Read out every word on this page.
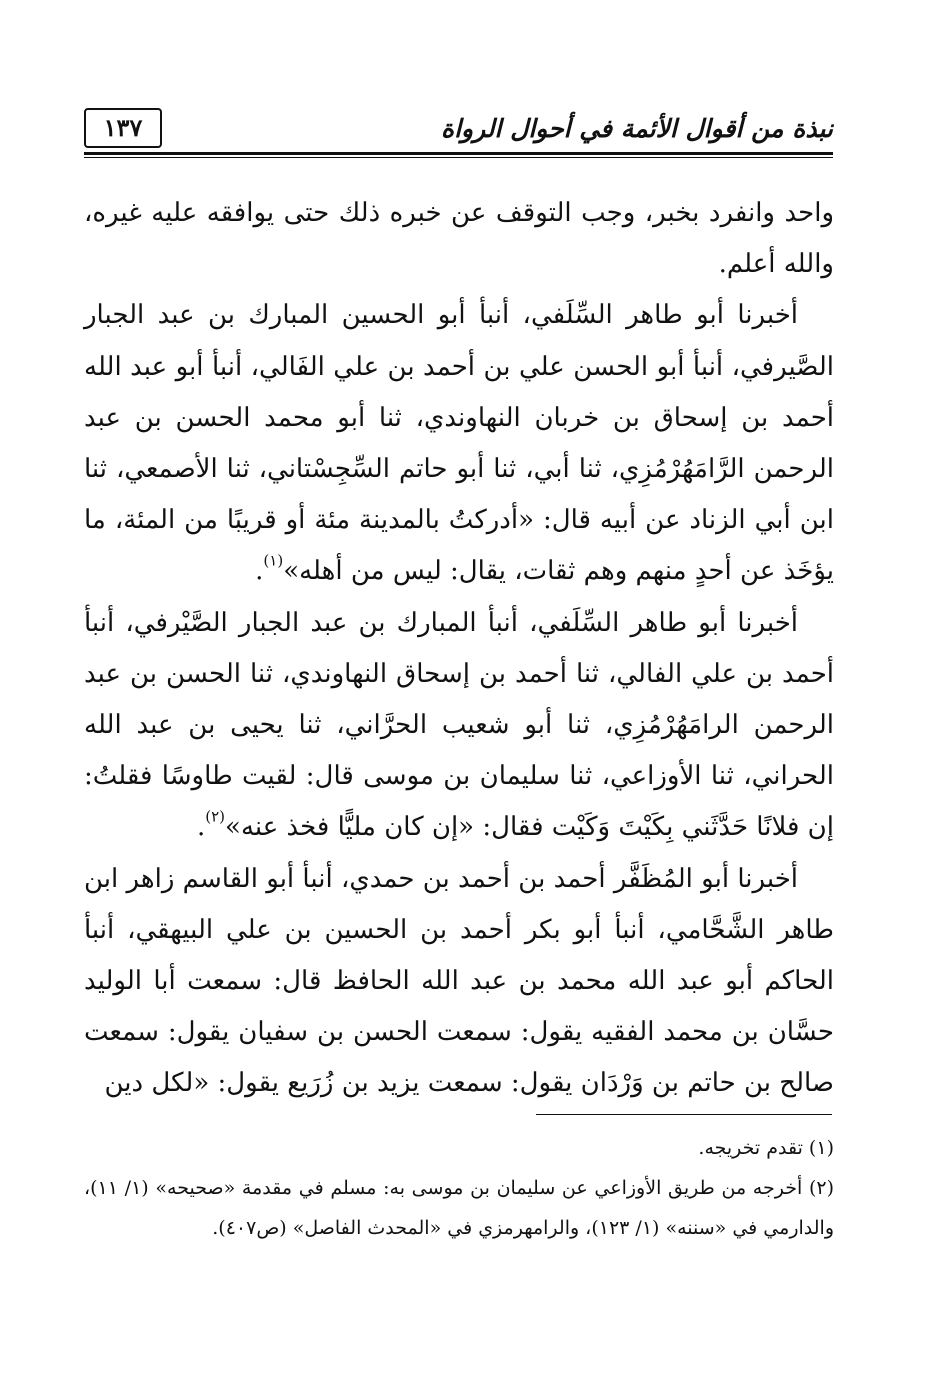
نبذة من أقوال الأئمة في أحوال الرواة
١٣٧

واحد وانفرد بخبر، وجب التوقف عن خبره ذلك حتى يوافقه عليه غيره، والله أعلم.

أخبرنا أبو طاهر السِّلَفي، أنبأ أبو الحسين المبارك بن عبد الجبار الصَّيرفي، أنبأ أبو الحسن علي بن أحمد بن علي الفَالي، أنبأ أبو عبد الله أحمد بن إسحاق بن خربان النهاوندي، ثنا أبو محمد الحسن بن عبد الرحمن الرَّامَهُرْمُزِي، ثنا أبي، ثنا أبو حاتم السِّجِسْتاني، ثنا الأصمعي، ثنا ابن أبي الزناد عن أبيه قال: «أدركتُ بالمدينة مئة أو قريبًا من المئة، ما يؤخَذ عن أحدٍ منهم وهم ثقات، يقال: ليس من أهله»$^{(١)}$.

أخبرنا أبو طاهر السِّلَفي، أنبأ المبارك بن عبد الجبار الصَّيْرفي، أنبأ أحمد بن علي الفالي، ثنا أحمد بن إسحاق النهاوندي، ثنا الحسن بن عبد الرحمن الرامَهُرْمُزِي، ثنا أبو شعيب الحرَّاني، ثنا يحيى بن عبد الله الحراني، ثنا الأوزاعي، ثنا سليمان بن موسى قال: لقيت طاوسًا فقلتُ: إن فلانًا حَدَّثَني بِكَيْتَ وَكَيْت فقال: «إن كان مليًّا فخذ عنه»$^{(٢)}$.

أخبرنا أبو المُظَفَّر أحمد بن أحمد بن حمدي، أنبأ أبو القاسم زاهر ابن طاهر الشَّحَّامي، أنبأ أبو بكر أحمد بن الحسين بن علي البيهقي، أنبأ الحاكم أبو عبد الله محمد بن عبد الله الحافظ قال: سمعت أبا الوليد حسَّان بن محمد الفقيه يقول: سمعت الحسن بن سفيان يقول: سمعت صالح بن حاتم بن وَرْدَان يقول: سمعت يزيد بن زُرَيع يقول: «لكل دين

(١) تقدم تخريجه.

(٢) أخرجه من طريق الأوزاعي عن سليمان بن موسى به: مسلم في مقدمة «صحيحه» (١/ ١١)، والدارمي في «سننه» (١/ ١٢٣)، والرامهرمزي في «المحدث الفاصل» (ص٤٠٧).
